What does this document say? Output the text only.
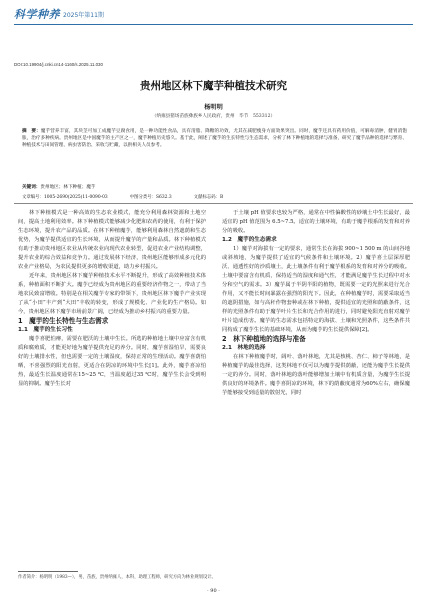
科学种养 2025年第11期
DOI:10.19904/j.cnki.cn14-1160/s.2025.11.030
贵州地区林下魔芋种植技术研究
杨明明
（纳雍县猪场苗族彝族乡人民政府，贵州　毕节　553312）
摘　要：魔芋营养丰富，其块茎可加工成魔芋豆腐食用，是一种功能性食品，具有清脂、降糖的功效，尤其在减肥瘦身方面效果突出。同时，魔芋还具有药用价值，可解毒消肿，健胃消饱胀，治疗多种疾病。贵州地区是中国魔芋的主产区之一，魔芋种植历史悠久。基于此，阐述了魔芋的生长特性与生态需求，分析了林下种植地的选择与准备，研究了魔芋品种的选择与繁育、种植技术与田间管理、病虫害防治、采收与贮藏，以供相关人员参考。
关键词：贵州地区；林下种植；魔芋
文章编号：1005-2690(2025)11-0090-03	中图分类号：S632.3	文献标志码：B

林下种植模式是一种高效的生态农业模式，能充分利用森林资源和土地空间，提高土地利用效率。林下种植模式能够减少化肥和农药的使用，有利于保护生态环境，提升农产品的品质。在林下种植魔芋，能够利用森林自然遮荫和生态优势，为魔芋提供适宜的生长环境，从而提升魔芋的产量和品质。林下种植模式有助于推动贵州地区农业从传统农业向现代农业转型，促进农业产业结构调整，提升农业的综合效益和竞争力。通过发展林下经济，贵州地区能够形成多元化的农业产业格局，为农民提供更多的增收渠道，助力乡村振兴。

近年来，贵州地区林下魔芋种植技术水平不断提升，形成了高效种植技术体系，种植面积不断扩大。魔芋已经成为贵州地区的重要经济作物之一，带动了当地农民致富增收。特别是在相关魔芋专家的带领下，贵州地区林下魔芋产业实现了从“小田”丰产到“大田”丰收的转变，形成了规模化、产业化的生产格局。如今，贵州地区林下魔芋市场前景广阔，已经成为推动乡村振兴的重要力量。

1　魔芋的生长特性与生态需求

1.1　魔芋的生长习性

魔芋喜肥怕瘠，需要在肥沃的土壤中生长。所选的种植地土壤中应富含有机质和腐殖质，才能更好地为魔芋提供充足的养分。同时，魔芋喜湿怕旱，需要良好的土壤排水性，但也需要一定的土壤湿度，保持正常的生理活动。魔芋喜荫怕晒，不喜强烈的阳光直射，更适合在阴凉的环境中生长[1]。此外，魔芋喜凉怕热，最适生长温度通常在15~25 ℃，当温度超过35 ℃时，魔芋生长会受到明显的抑制。魔芋生长对

于土壤 pH 值要求也较为严格，通常在中性偏酸性的砂壤土中生长最好，最适宜的 pH 值范围为 6.5~7.5。适宜的土壤环境，有助于魔芋根系的发育和对养分的吸收。

1.2　魔芋的生态需求

1）魔芋对海拔有一定的要求，通常生长在海拔 900~1 500 m 的山间谷地或斜坡地，为魔芋提供了适宜的气候条件和土壤环境。2）魔芋喜土层深厚肥沃、通透性好的沙质壤土，此土壤条件有利于魔芋根系的发育和对养分的吸收。土壤中要富含有机质，保持适当的湿度和通气性，才能满足魔芋生长过程中对水分和空气的需求。3）魔芋属于半阴半阳的植物，既需要一定的光照来进行光合作用，又不能长时间暴露在强烈的阳光下。因此，在种植魔芋时，需要采取适当的遮阴措施，如与高秆作物套种或在林下种植，提供适宜的光照和荫蔽条件，这样的光照条件有助于魔芋叶片生长和光合作用的进行，同时避免阳光直射对魔芋叶片造成伤害。魔芋的生态需求包括特定的海拔、土壤和光照条件，这些条件共同构成了魔芋生长的基础环境，从而为魔芋的生长提供保障[2]。

2　林下种植地的选择与准备

2.1　林地的选择

在林下种植魔芋时，阔叶、落叶林地，尤其是核桃、杏仁、柿子等林地，是种植魔芋的最佳选择，这类林地不仅可以为魔芋提供荫蔽，还能为魔芋生长提供一定的养分。同时，落叶林地的落叶能够增加土壤中有机质含量，为魔芋生长提供良好的环境条件。魔芋喜阴凉的环境，林下的荫蔽度通常为60%左右，确保魔芋能够接受到适量的散射光，同时

作者简介：杨明明（1983—），男，苗族，贵州纳雍人，本科，助理工程师，研究方向为林业规划设计。
· 90 ·
